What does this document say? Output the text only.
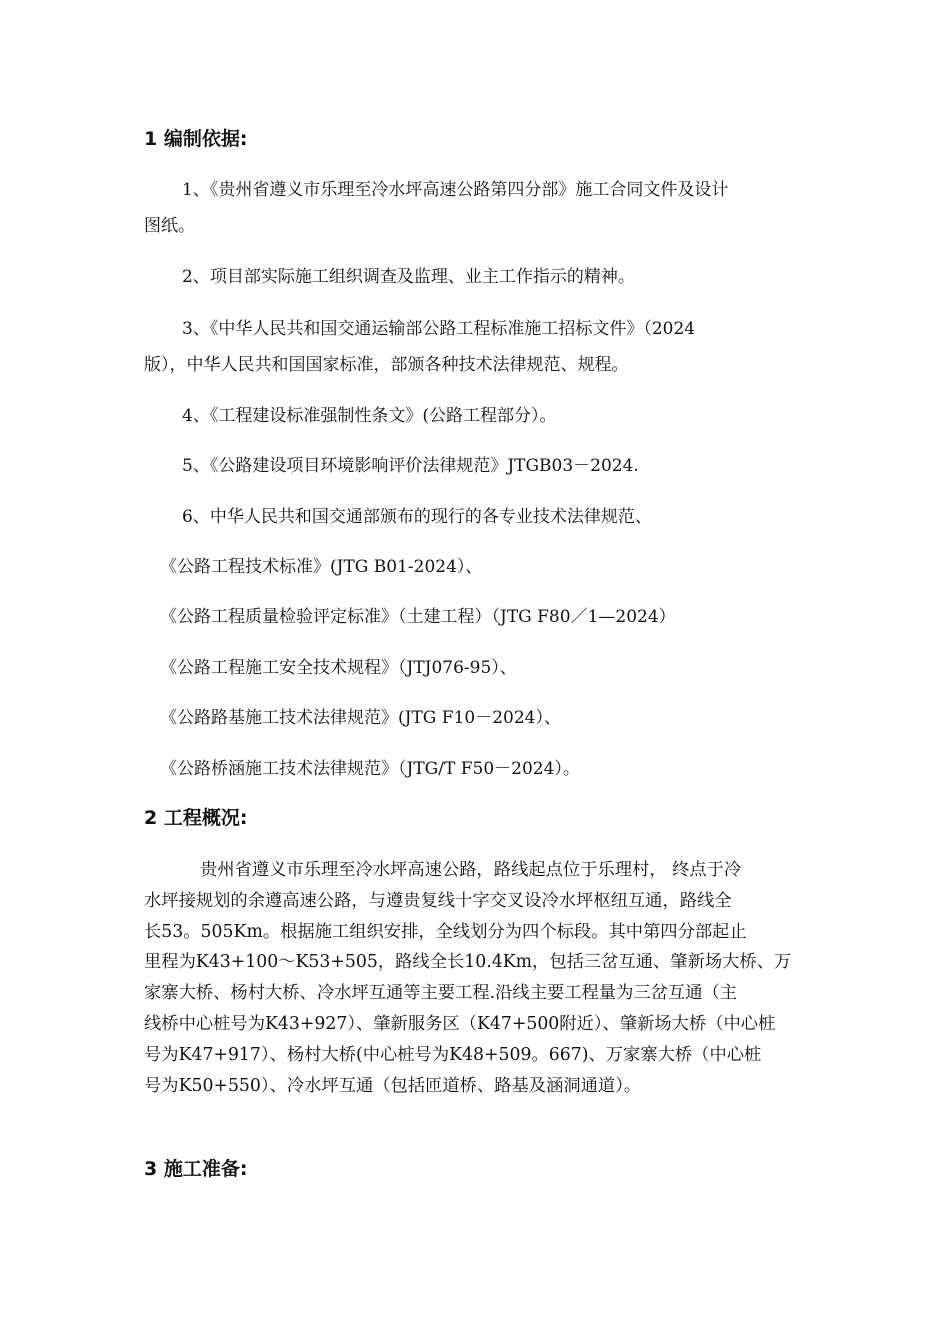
1 编制依据:
1、《贵州省遵义市乐理至冷水坪高速公路第四分部》施工合同文件及设计
图纸。
2、项目部实际施工组织调查及监理、业主工作指示的精神。
3、《中华人民共和国交通运输部公路工程标准施工招标文件》（2024
版），中华人民共和国国家标准，部颁各种技术法律规范、规程。
4、《工程建设标准强制性条文》(公路工程部分）。
5、《公路建设项目环境影响评价法律规范》JTGB03－2024.
6、中华人民共和国交通部颁布的现行的各专业技术法律规范、
《公路工程技术标准》(JTG B01-2024）、
《公路工程质量检验评定标准》（土建工程）（JTG F80／1—2024）
《公路工程施工安全技术规程》（JTJ076-95）、
《公路路基施工技术法律规范》(JTG F10－2024）、
《公路桥涵施工技术法律规范》（JTG/T F50－2024）。
2 工程概况:
贵州省遵义市乐理至冷水坪高速公路，路线起点位于乐理村， 终点于冷
水坪接规划的余遵高速公路，与遵贵复线十字交叉设冷水坪枢纽互通，路线全
长53。505Km。根据施工组织安排，全线划分为四个标段。其中第四分部起止
里程为K43+100～K53+505，路线全长10.4Km，包括三岔互通、肇新场大桥、万
家寨大桥、杨村大桥、冷水坪互通等主要工程.沿线主要工程量为三岔互通（主
线桥中心桩号为K43+927）、肇新服务区（K47+500附近）、肇新场大桥（中心桩
号为K47+917）、杨村大桥(中心桩号为K48+509。667)、万家寨大桥（中心桩
号为K50+550）、冷水坪互通（包括匝道桥、路基及涵洞通道）。
3 施工准备:
